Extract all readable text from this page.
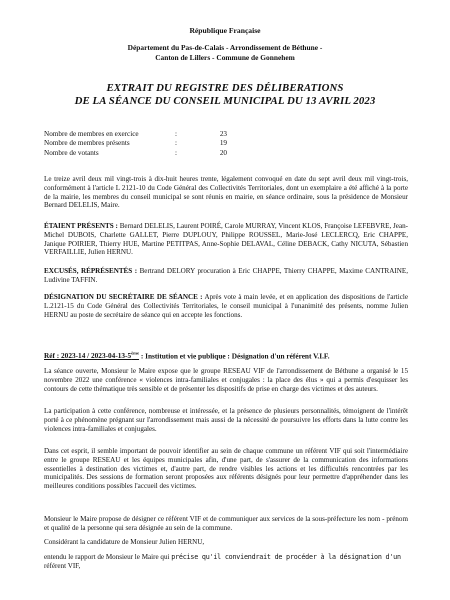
République Française
Département du Pas-de-Calais - Arrondissement de Béthune -
Canton de Lillers - Commune de Gonnehem
EXTRAIT DU REGISTRE DES DÉLIBERATIONS
DE LA SÉANCE DU CONSEIL MUNICIPAL DU 13 AVRIL 2023
Nombre de membres en exercice	:	23
Nombre de membres présents	:	19
Nombre de votants	:	20

Le treize avril deux mil vingt-trois à dix-huit heures trente, légalement convoqué en date du sept avril deux mil vingt-trois, conformément à l'article L 2121-10 du Code Général des Collectivités Territoriales, dont un exemplaire a été affiché à la porte de la mairie, les membres du conseil municipal se sont réunis en mairie, en séance ordinaire, sous la présidence de Monsieur Bernard DELELIS, Maire.

ÉTAIENT PRÉSENTS : Bernard DELELIS, Laurent POIRÉ, Carole MURRAY, Vincent KLOS, Françoise LEFEBVRE, Jean-Michel DUBOIS, Charlette GALLET, Pierre DUPLOUY, Philippe ROUSSEL, Marie-José LECLERCQ, Eric CHAPPE, Janique POIRIER, Thierry HUE, Martine PETITPAS, Anne-Sophie DELAVAL, Céline DEBACK, Cathy NICUTA, Sébastien VERFAILLIE, Julien HERNU.

EXCUSÉS, RÉPRÉSENTÉS : Bertrand DELORY procuration à Eric CHAPPE, Thierry CHAPPE, Maxime CANTRAINE, Ludivine TAFFIN.

DÉSIGNATION DU SECRÉTAIRE DE SÉANCE : Après vote à main levée, et en application des dispositions de l'article L.2121-15 du Code Général des Collectivités Territoriales, le conseil municipal à l'unanimité des présents, nomme Julien HERNU au poste de secrétaire de séance qui en accepte les fonctions.

Réf : 2023-14 / 2023-04-13-5ème : Institution et vie publique : Désignation d'un référent V.I.F.

La séance ouverte, Monsieur le Maire expose que le groupe RESEAU VIF de l'arrondissement de Béthune a organisé le 15 novembre 2022 une conférence « violences intra-familiales et conjugales : la place des élus » qui a permis d'esquisser les contours de cette thématique très sensible et de présenter les dispositifs de prise en charge des victimes et des auteurs.

La participation à cette conférence, nombreuse et intéressée, et la présence de plusieurs personnalités, témoignent de l'intérêt porté à ce phénomène prégnant sur l'arrondissement mais aussi de la nécessité de poursuivre les efforts dans la lutte contre les violences intra-familiales et conjugales.

Dans cet esprit, il semble important de pouvoir identifier au sein de chaque commune un référent VIF qui soit l'intermédiaire entre le groupe RESEAU et les équipes municipales afin, d'une part, de s'assurer de la communication des informations essentielles à destination des victimes et, d'autre part, de rendre visibles les actions et les difficultés rencontrées par les municipalités. Des sessions de formation seront proposées aux référents désignés pour leur permettre d'appréhender dans les meilleures conditions possibles l'accueil des victimes.

Monsieur le Maire propose de désigner ce référent VIF et de communiquer aux services de la sous-préfecture les nom - prénom et qualité de la personne qui sera désignée au sein de la commune.

Considérant la candidature de Monsieur Julien HERNU,

entendu le rapport de Monsieur le Maire qui précise qu'il conviendrait de procéder à la désignation d'un
référent VIF,
